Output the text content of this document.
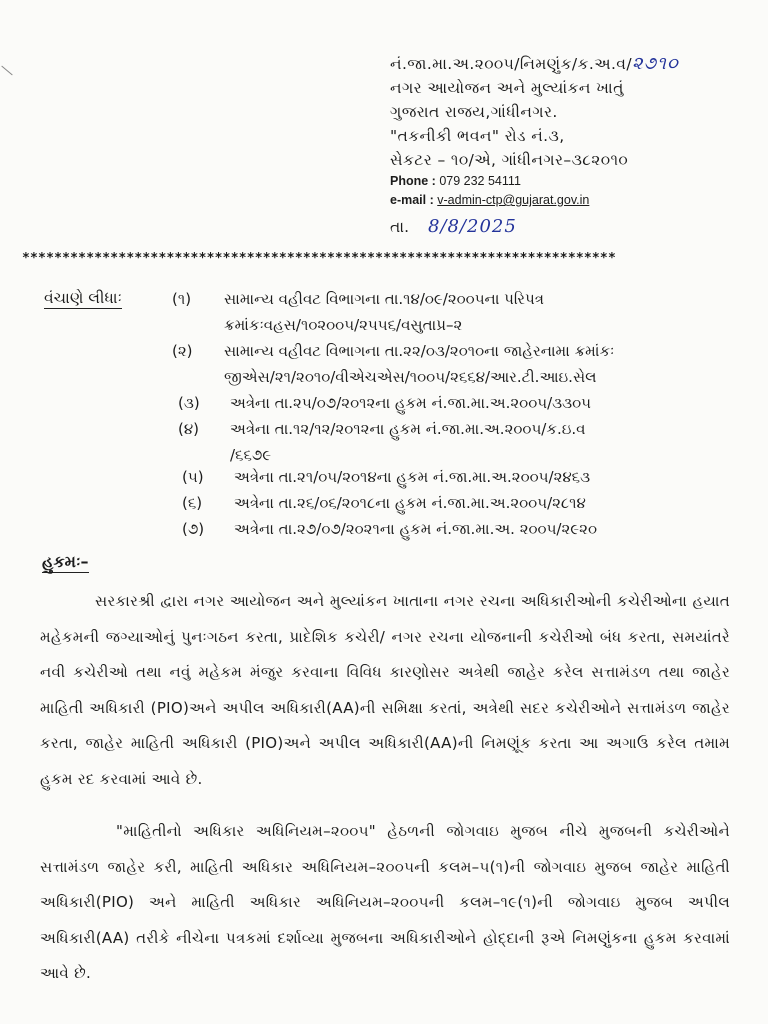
નં.જા.મા.અ.૨૦૦૫/નિમણુંક/ક.અ.વ/૨૭૧૦
નગર આયોજન અને મુલ્યાંકન ખાતું
ગુજરાત રાજય,ગાંધીનગર.
"તકનીકી ભવન" રોડ નં.૩,
સેકટર – ૧૦/એ, ગાંધીનગર–૩૮૨૦૧૦
Phone : 079 232 54111
e-mail : v-admin-ctp@gujarat.gov.in
તા. 8/8/2025
**************************************************************************
વંચાણે લીધાઃ	(૧) સામાન્ય વહીવટ વિભાગના તા.૧૪/૦૯/૨૦૦૫ના પરિપત્ર
ક્રમાંકઃવહસ/૧૦૨૦૦૫/૨૫૫૬/વસુતાપ્ર–૨
(૨) સામાન્ય વહીવટ વિભાગના તા.૨૨/૦૩/૨૦૧૦ના જાહેરનામા ક્રમાંકઃ
જીએસ/૨૧/૨૦૧૦/વીએચએસ/૧૦૦૫/૨૬૬૪/આર.ટી.આઇ.સેલ
(૩) અત્રેના તા.૨૫/૦૭/૨૦૧૨ના હુકમ નં.જા.મા.અ.૨૦૦૫/૩૩૦૫
(૪) અત્રેના તા.૧૨/૧૨/૨૦૧૨ના હુકમ નં.જા.મા.અ.૨૦૦૫/ક.ઇ.વ
/૬૬૭૯
(૫) અત્રેના તા.૨૧/૦૫/૨૦૧૪ના હુકમ નં.જા.મા.અ.૨૦૦૫/૨૪૬૩
(૬) અત્રેના તા.૨૬/૦૬/૨૦૧૮ના હુકમ નં.જા.મા.અ.૨૦૦૫/૨૮૧૪
(૭) અત્રેના તા.૨૭/૦૭/૨૦૨૧ના હુકમ નં.જા.મા.અ. ૨૦૦૫/૨૯૨૦
હુકમઃ–
સરકારશ્રી દ્વારા નગર આયોજન અને મુલ્યાંકન ખાતાના નગર રચના અધિકારીઓની કચેરીઓના હયાત મહેકમની જગ્યાઓનું પુનઃગઠન કરતા, પ્રાદેશિક કચેરી/ નગર રચના યોજનાની કચેરીઓ બંધ કરતા, સમયાંતરે નવી કચેરીઓ તથા નવું મહેકમ મંજુર કરવાના વિવિધ કારણોસર અત્રેથી જાહેર કરેલ સત્તામંડળ તથા જાહેર માહિતી અધિકારી (PIO)અને અપીલ અધિકારી(AA)ની સમિક્ષા કરતાં, અત્રેથી સદર કચેરીઓને સત્તામંડળ જાહેર કરતા, જાહેર માહિતી અધિકારી (PIO)અને અપીલ અધિકારી(AA)ની નિમણૂંક કરતા આ અગાઉ કરેલ તમામ હુકમ રદ કરવામાં આવે છે.
"માહિતીનો અધિકાર અધિનિયમ–૨૦૦૫" હેઠળની જોગવાઇ મુજબ નીચે મુજબની કચેરીઓને સત્તામંડળ જાહેર કરી, માહિતી અધિકાર અધિનિયમ–૨૦૦૫ની કલમ–૫(૧)ની જોગવાઇ મુજબ જાહેર માહિતી અધિકારી(PIO) અને માહિતી અધિકાર અધિનિયમ–૨૦૦૫ની કલમ–૧૯(૧)ની જોગવાઇ મુજબ અપીલ અધિકારી(AA) તરીકે નીચેના પત્રકમાં દર્શાવ્યા મુજબના અધિકારીઓને હોદ્દાની રૂએ નિમણુંકના હુકમ કરવામાં આવે છે.
